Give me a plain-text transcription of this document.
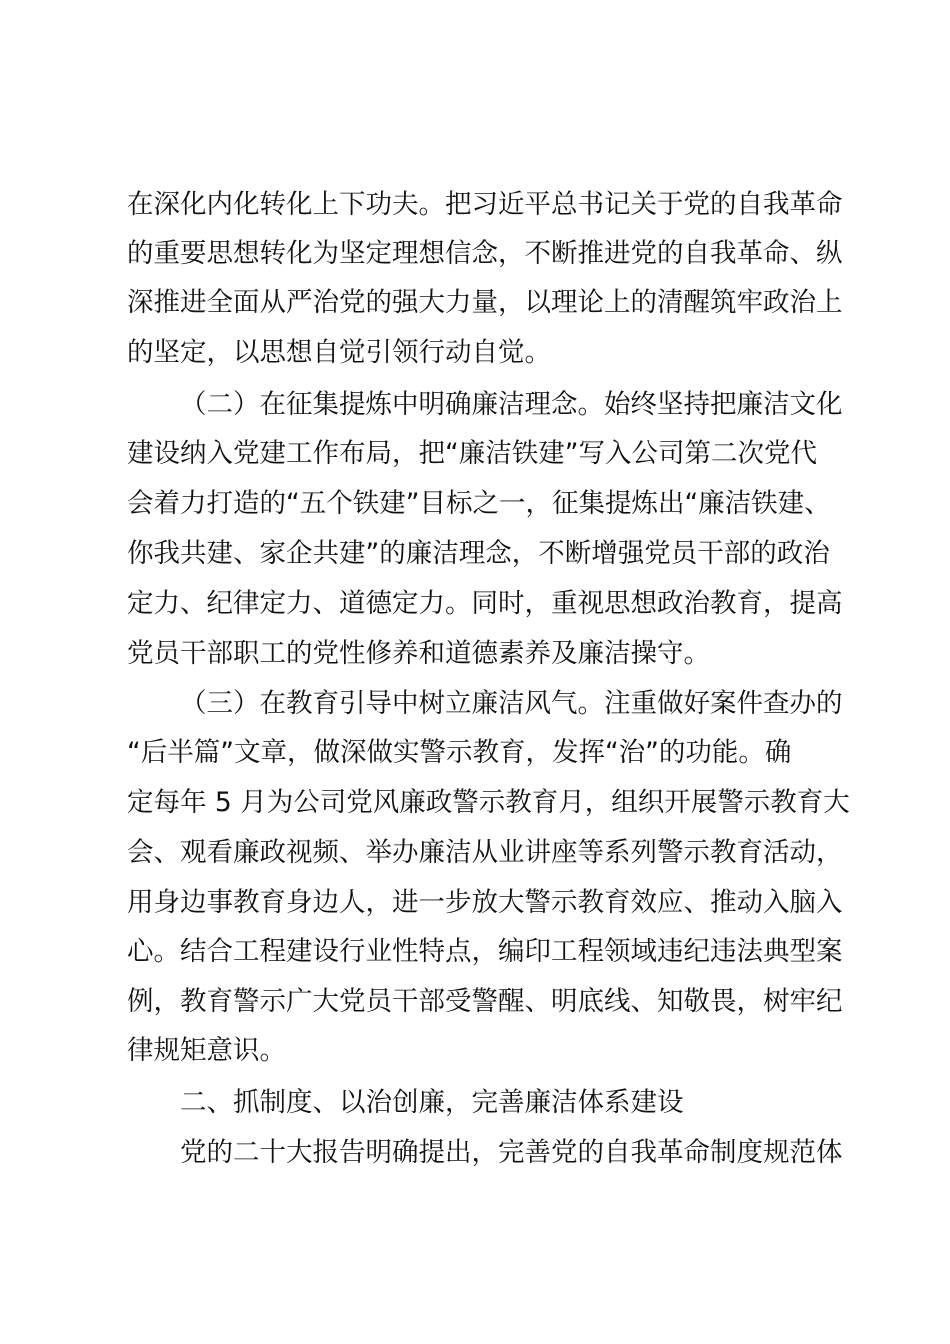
在深化内化转化上下功夫。把习近平总书记关于党的自我革命
的重要思想转化为坚定理想信念，不断推进党的自我革命、纵
深推进全面从严治党的强大力量，以理论上的清醒筑牢政治上
的坚定，以思想自觉引领行动自觉。
（二）在征集提炼中明确廉洁理念。始终坚持把廉洁文化
建设纳入党建工作布局，把“廉洁铁建”写入公司第二次党代
会着力打造的“五个铁建”目标之一，征集提炼出“廉洁铁建、
你我共建、家企共建”的廉洁理念，不断增强党员干部的政治
定力、纪律定力、道德定力。同时，重视思想政治教育，提高
党员干部职工的党性修养和道德素养及廉洁操守。
（三）在教育引导中树立廉洁风气。注重做好案件查办的
“后半篇”文章，做深做实警示教育，发挥“治”的功能。确
定每年 5 月为公司党风廉政警示教育月，组织开展警示教育大
会、观看廉政视频、举办廉洁从业讲座等系列警示教育活动，
用身边事教育身边人，进一步放大警示教育效应、推动入脑入
心。结合工程建设行业性特点，编印工程领域违纪违法典型案
例，教育警示广大党员干部受警醒、明底线、知敬畏，树牢纪
律规矩意识。
二、抓制度、以治创廉，完善廉洁体系建设
党的二十大报告明确提出，完善党的自我革命制度规范体
